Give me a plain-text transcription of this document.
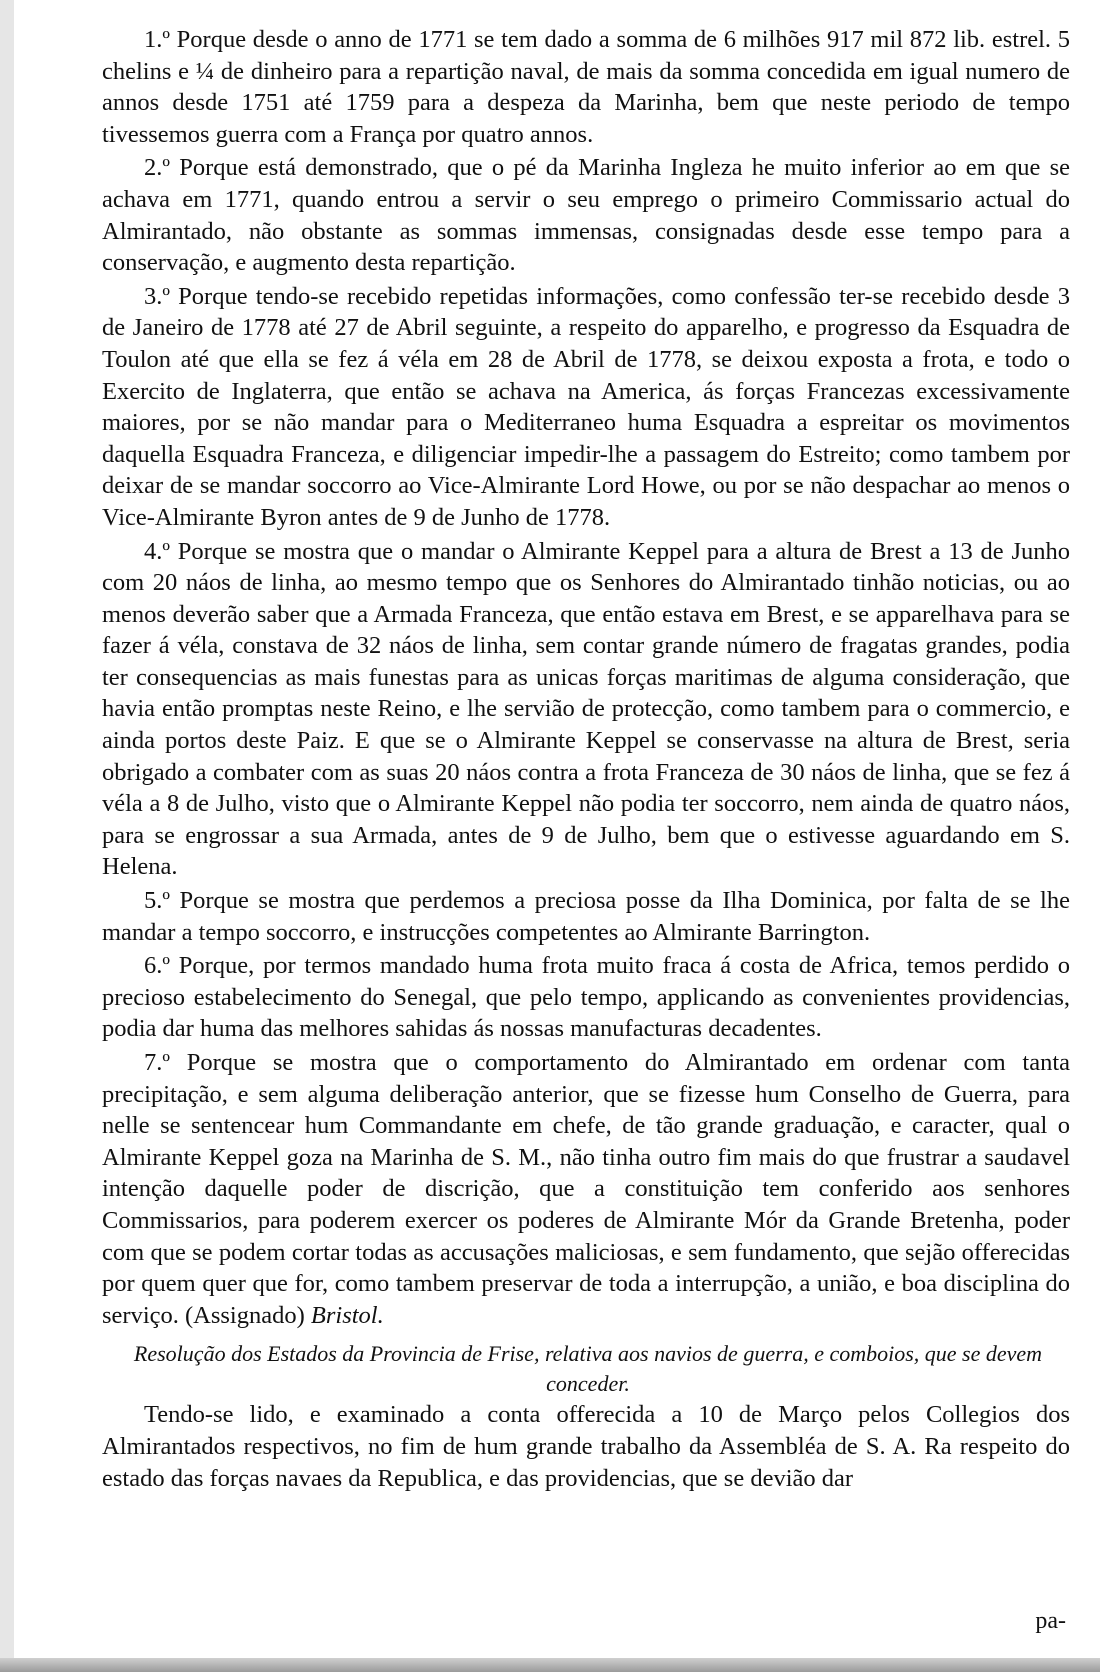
1.º Porque desde o anno de 1771 se tem dado a somma de 6 milhões 917 mil 872 lib. estrel. 5 chelins e ¼ de dinheiro para a repartição naval, de mais da somma concedida em igual numero de annos desde 1751 até 1759 para a despeza da Marinha, bem que neste periodo de tempo tivessemos guerra com a França por quatro annos.

2.º Porque está demonstrado, que o pé da Marinha Ingleza he muito inferior ao em que se achava em 1771, quando entrou a servir o seu emprego o primeiro Commissario actual do Almirantado, não obstante as sommas immensas, consignadas desde esse tempo para a conservação, e augmento desta repartição.

3.º Porque tendo-se recebido repetidas informações, como confessão ter-se recebido desde 3 de Janeiro de 1778 até 27 de Abril seguinte, a respeito do apparelho, e progresso da Esquadra de Toulon até que ella se fez á véla em 28 de Abril de 1778, se deixou exposta a frota, e todo o Exercito de Inglaterra, que então se achava na America, ás forças Francezas excessivamente maiores, por se não mandar para o Mediterraneo huma Esquadra a espreitar os movimentos daquella Esquadra Franceza, e diligenciar impedir-lhe a passagem do Estreito; como tambem por deixar de se mandar soccorro ao Vice-Almirante Lord Howe, ou por se não despachar ao menos o Vice-Almirante Byron antes de 9 de Junho de 1778.

4.º Porque se mostra que o mandar o Almirante Keppel para a altura de Brest a 13 de Junho com 20 náos de linha, ao mesmo tempo que os Senhores do Almirantado tinhão noticias, ou ao menos deverão saber que a Armada Franceza, que então estava em Brest, e se apparelhava para se fazer á véla, constava de 32 náos de linha, sem contar grande número de fragatas grandes, podia ter consequencias as mais funestas para as unicas forças maritimas de alguma consideração, que havia então promptas neste Reino, e lhe servião de protecção, como tambem para o commercio, e ainda portos deste Paiz. E que se o Almirante Keppel se conservasse na altura de Brest, seria obrigado a combater com as suas 20 náos contra a frota Franceza de 30 náos de linha, que se fez á véla a 8 de Julho, visto que o Almirante Keppel não podia ter soccorro, nem ainda de quatro náos, para se engrossar a sua Armada, antes de 9 de Julho, bem que o estivesse aguardando em S. Helena.

5.º Porque se mostra que perdemos a preciosa posse da Ilha Dominica, por falta de se lhe mandar a tempo soccorro, e instrucções competentes ao Almirante Barrington.

6.º Porque, por termos mandado huma frota muito fraca á costa de Africa, temos perdido o precioso estabelecimento do Senegal, que pelo tempo, applicando as convenientes providencias, podia dar huma das melhores sahidas ás nossas manufacturas decadentes.

7.º Porque se mostra que o comportamento do Almirantado em ordenar com tanta precipitação, e sem alguma deliberação anterior, que se fizesse hum Conselho de Guerra, para nelle se sentencear hum Commandante em chefe, de tão grande graduação, e caracter, qual o Almirante Keppel goza na Marinha de S. M., não tinha outro fim mais do que frustrar a saudavel intenção daquelle poder de discrição, que a constituição tem conferido aos senhores Commissarios, para poderem exercer os poderes de Almirante Mór da Grande Bretenha, poder com que se podem cortar todas as accusações maliciosas, e sem fundamento, que sejão offerecidas por quem quer que for, como tambem preservar de toda a interrupção, a união, e boa disciplina do serviço. (Assignado) Bristol.

Resolução dos Estados da Provincia de Frise, relativa aos navios de guerra, e comboios, que se devem conceder.

Tendo-se lido, e examinado a conta offerecida a 10 de Março pelos Collegios dos Almirantados respectivos, no fim de hum grande trabalho da Assembléa de S. A. Ra respeito do estado das forças navaes da Republica, e das providencias, que se devião dar

pa-
